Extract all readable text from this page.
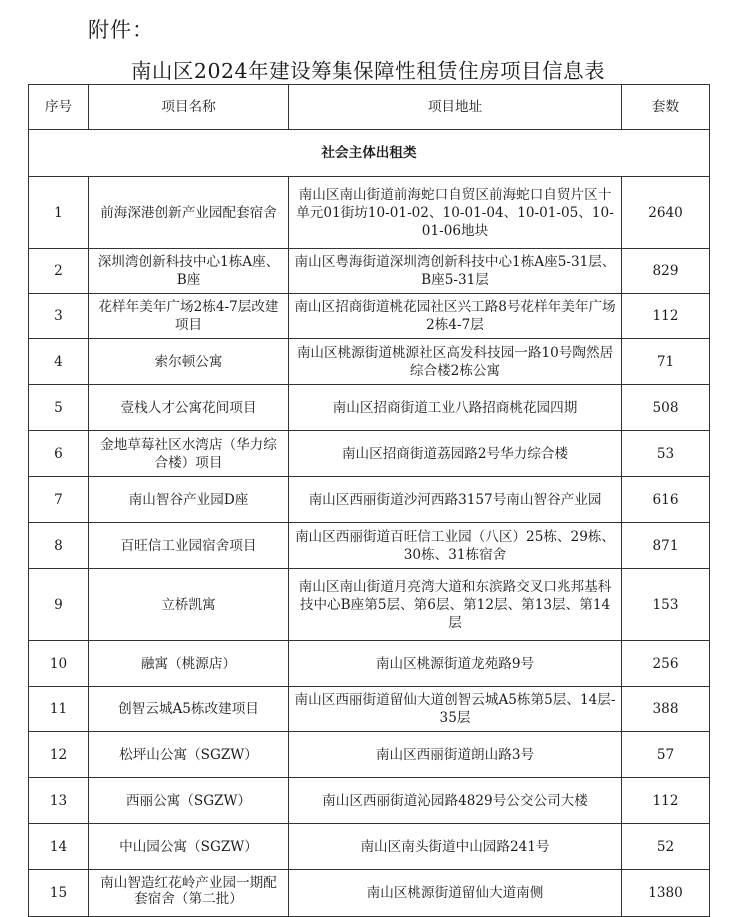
附件：
南山区2024年建设筹集保障性租赁住房项目信息表
序号	项目名称	项目地址	套数
社会主体出租类			
1	前海深港创新产业园配套宿舍	南山区南山街道前海蛇口自贸区前海蛇口自贸片区十单元01街坊10-01-02、10-01-04、10-01-05、10-01-06地块	2640
2	深圳湾创新科技中心1栋A座、B座	南山区粤海街道深圳湾创新科技中心1栋A座5-31层、B座5-31层	829
3	花样年美年广场2栋4-7层改建项目	南山区招商街道桃花园社区兴工路8号花样年美年广场2栋4-7层	112
4	索尔顿公寓	南山区桃源街道桃源社区高发科技园一路10号陶然居综合楼2栋公寓	71
5	壹栈人才公寓花间项目	南山区招商街道工业八路招商桃花园四期	508
6	金地草莓社区水湾店（华力综合楼）项目	南山区招商街道荔园路2号华力综合楼	53
7	南山智谷产业园D座	南山区西丽街道沙河西路3157号南山智谷产业园	616
8	百旺信工业园宿舍项目	南山区西丽街道百旺信工业园（八区）25栋、29栋、30栋、31栋宿舍	871
9	立桥凯寓	南山区南山街道月亮湾大道和东滨路交叉口兆邦基科技中心B座第5层、第6层、第12层、第13层、第14层	153
10	融寓（桃源店）	南山区桃源街道龙苑路9号	256
11	创智云城A5栋改建项目	南山区西丽街道留仙大道创智云城A5栋第5层、14层-35层	388
12	松坪山公寓（SGZW）	南山区西丽街道朗山路3号	57
13	西丽公寓（SGZW）	南山区西丽街道沁园路4829号公交公司大楼	112
14	中山园公寓（SGZW）	南山区南头街道中山园路241号	52
15	南山智造红花岭产业园一期配套宿舍（第二批）	南山区桃源街道留仙大道南侧	1380
